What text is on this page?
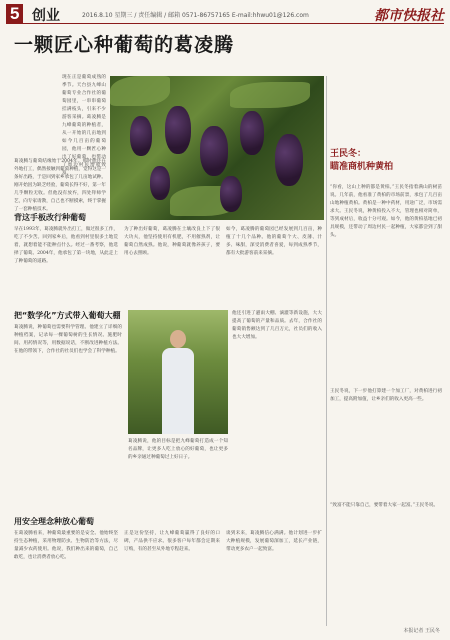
5 创业	2016.8.10 星期三 / 责任编辑 / 邮箱 0571-86757165 E-mail:hhwu01@126.com	都市快报社
一颗匠心种葡萄的葛凌腾
现在正是葡萄成熟的季节。天台县九峰山葡萄专业合作社的葡萄园里，一串串葡萄挂满枝头，引来不少游客采摘。葛凌腾是九峰葡萄的种植者，从一开始的几亩地到如今几百亩的葡萄园，他用一颗匠心种出了好葡萄，也带动了周边村民增收致富。
王民冬：
瞄准商机种黄柏
“你看，这山上种的都是黄柏。”王民冬指着满山的树苗说。几年前，他看准了黄柏的市场前景，承包了几百亩山地种植黄柏。黄柏是一种中药材，用途广泛，市场需求大。王民冬说，种黄柏投入不大，管理也相对简单，等到成材后，收益十分可观。如今，他的黄柏基地已初具规模，还带动了周边村民一起种植，大家都尝到了甜头。
王民冬说，下一步他打算建一个加工厂，对黄柏进行初加工，提高附加值，让乡亲们的收入更高一些。
“致富不能只靠自己，要带着大家一起富。”王民冬说。
葛凌腾与葡萄结缘始于2004年。那时他还在外地打工，偶然接触到葡萄种植，觉得这是一条好出路，于是回到家乡承包了几亩地试种。刚开始因为缺乏经验，葡萄长得不好，第一年几乎颗粒无收。但他没有放弃，四处拜师学艺，向专家请教，自己也不断摸索，终于掌握了一套种植技术。
背这手板改行种葡萄
早在1993年，葛凌腾就外出打工，做过很多工作，吃了不少苦。回到家乡后，他看到村里很多土地荒着，就想着能不能种点什么。经过一番考察，他选择了葡萄。2004年，他承包了第一块地，从此走上了种葡萄的道路。
为了种出好葡萄，葛凌腾在土壤改良上下了很大功夫，他坚持使用有机肥，不用催熟剂，让葡萄自然成熟。他说，种葡萄就像养孩子，要用心去照顾。
如今，葛凌腾的葡萄园已经发展到几百亩，种植了十几个品种。他的葡萄个大、皮薄、汁多、味甜，深受消费者喜爱，每到成熟季节，都有大批游客前来采摘。
把“数学化”方式带入葡萄大棚
葛凌腾说，种葡萄也需要科学管理。他建立了详细的种植档案，记录每一棵葡萄树的生长情况、施肥时间、用药情况等，用数据说话，不断改进种植方法。在他的带领下，合作社的社员们也学会了科学种植。
他还引进了避雨大棚、滴灌等新设施，大大提高了葡萄的产量和品质。去年，合作社的葡萄销售额达到了几百万元，社员们的收入也大大增加。
葛凌腾说，他的目标是把九峰葡萄打造成一个知名品牌，让更多人吃上放心的好葡萄，也让更多的乡亲通过种葡萄过上好日子。
用安全理念种放心葡萄
在葛凌腾看来，种葡萄最重要的是安全。他始终坚持生态种植，采用物理防虫、生物防治等方法，尽量减少农药使用。他说，我们种出来的葡萄，自己敢吃，也让消费者放心吃。
正是这份坚持，让九峰葡萄赢得了良好的口碑，产品供不应求。很多客户每年都会定期来订购，有的甚至从外地专程赶来。
谈到未来，葛凌腾信心满满。他计划进一步扩大种植规模，发展葡萄深加工，延长产业链，带动更多农户一起致富。
本报记者 王民冬
